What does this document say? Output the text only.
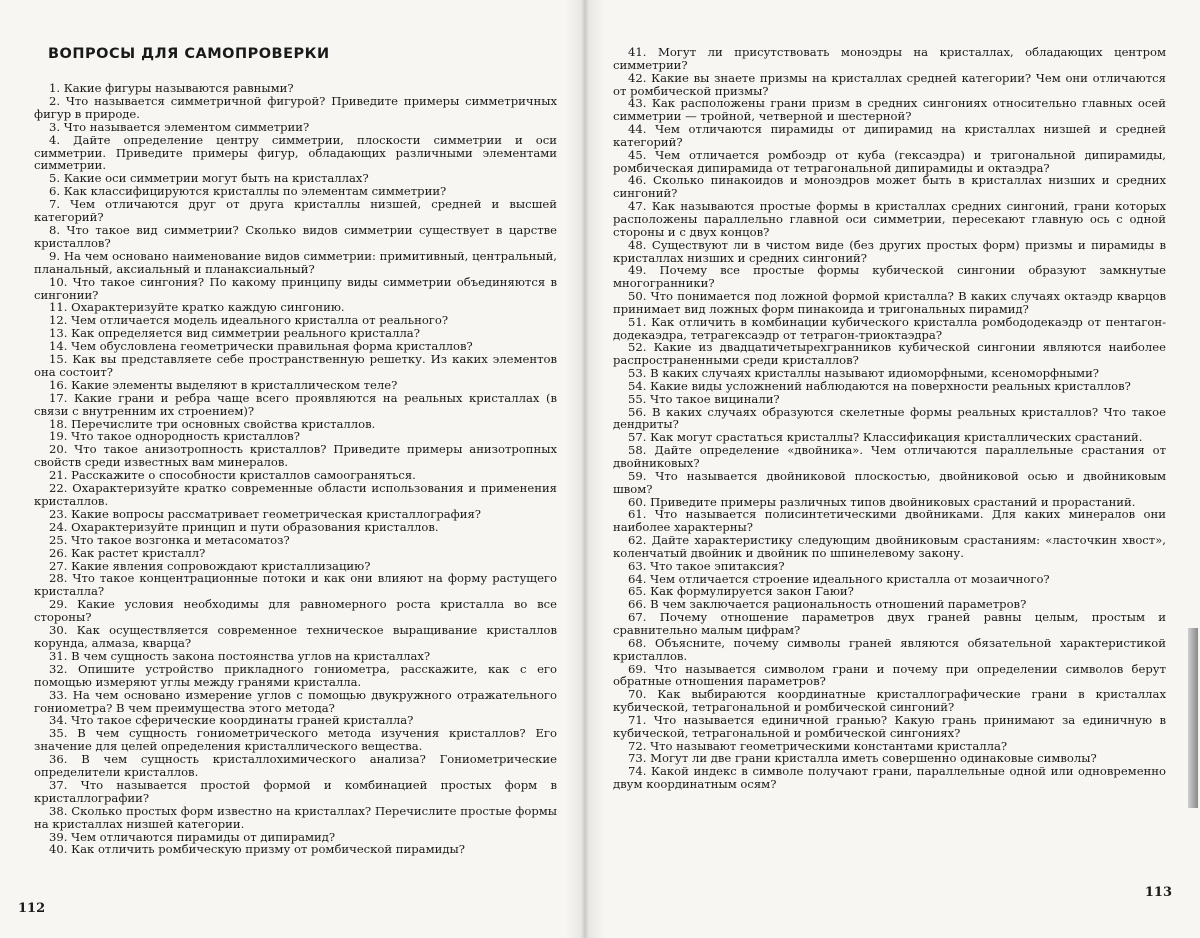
ВОПРОСЫ ДЛЯ САМОПРОВЕРКИ
1. Какие фигуры называются равными?
2. Что называется симметричной фигурой? Приведите примеры симметричных фигур в природе.
3. Что называется элементом симметрии?
4. Дайте определение центру симметрии, плоскости симметрии и оси симметрии. Приведите примеры фигур, обладающих различными элементами симметрии.
5. Какие оси симметрии могут быть на кристаллах?
6. Как классифицируются кристаллы по элементам симметрии?
7. Чем отличаются друг от друга кристаллы низшей, средней и высшей категорий?
8. Что такое вид симметрии? Сколько видов симметрии существует в царстве кристаллов?
9. На чем основано наименование видов симметрии: примитивный, центральный, планальный, аксиальный и планаксиальный?
10. Что такое сингония? По какому принципу виды симметрии объединяются в сингонии?
11. Охарактеризуйте кратко каждую сингонию.
12. Чем отличается модель идеального кристалла от реального?
13. Как определяется вид симметрии реального кристалла?
14. Чем обусловлена геометрически правильная форма кристаллов?
15. Как вы представляете себе пространственную решетку. Из каких элементов она состоит?
16. Какие элементы выделяют в кристаллическом теле?
17. Какие грани и ребра чаще всего проявляются на реальных кристаллах (в связи с внутренним их строением)?
18. Перечислите три основных свойства кристаллов.
19. Что такое однородность кристаллов?
20. Что такое анизотропность кристаллов? Приведите примеры анизотропных свойств среди известных вам минералов.
21. Расскажите о способности кристаллов самоограняться.
22. Охарактеризуйте кратко современные области использования и применения кристаллов.
23. Какие вопросы рассматривает геометрическая кристаллография?
24. Охарактеризуйте принцип и пути образования кристаллов.
25. Что такое возгонка и метасоматоз?
26. Как растет кристалл?
27. Какие явления сопровождают кристаллизацию?
28. Что такое концентрационные потоки и как они влияют на форму растущего кристалла?
29. Какие условия необходимы для равномерного роста кристалла во все стороны?
30. Как осуществляется современное техническое выращивание кристаллов корунда, алмаза, кварца?
31. В чем сущность закона постоянства углов на кристаллах?
32. Опишите устройство прикладного гониометра, расскажите, как с его помощью измеряют углы между гранями кристалла.
33. На чем основано измерение углов с помощью двукружного отражательного гониометра? В чем преимущества этого метода?
34. Что такое сферические координаты граней кристалла?
35. В чем сущность гониометрического метода изучения кристаллов? Его значение для целей определения кристаллического вещества.
36. В чем сущность кристаллохимического анализа? Гониометрические определители кристаллов.
37. Что называется простой формой и комбинацией простых форм в кристаллографии?
38. Сколько простых форм известно на кристаллах? Перечислите простые формы на кристаллах низшей категории.
39. Чем отличаются пирамиды от дипирамид?
40. Как отличить ромбическую призму от ромбической пирамиды?
112
41. Могут ли присутствовать моноэдры на кристаллах, обладающих центром симметрии?
42. Какие вы знаете призмы на кристаллах средней категории? Чем они отличаются от ромбической призмы?
43. Как расположены грани призм в средних сингониях относительно главных осей симметрии — тройной, четверной и шестерной?
44. Чем отличаются пирамиды от дипирамид на кристаллах низшей и средней категорий?
45. Чем отличается ромбоэдр от куба (гексаэдра) и тригональной дипирамиды, ромбическая дипирамида от тетрагональной дипирамиды и октаэдра?
46. Сколько пинакоидов и моноэдров может быть в кристаллах низших и средних сингоний?
47. Как называются простые формы в кристаллах средних сингоний, грани которых расположены параллельно главной оси симметрии, пересекают главную ось с одной стороны и с двух концов?
48. Существуют ли в чистом виде (без других простых форм) призмы и пирамиды в кристаллах низших и средних сингоний?
49. Почему все простые формы кубической сингонии образуют замкнутые многогранники?
50. Что понимается под ложной формой кристалла? В каких случаях октаэдр кварцов принимает вид ложных форм пинакоида и тригональных пирамид?
51. Как отличить в комбинации кубического кристалла ромбододекаэдр от пентагон-додекаэдра, тетрагексаэдр от тетрагон-триоктаэдра?
52. Какие из двадцатичетырехгранников кубической сингонии являются наиболее распространенными среди кристаллов?
53. В каких случаях кристаллы называют идиоморфными, ксеноморфными?
54. Какие виды усложнений наблюдаются на поверхности реальных кристаллов?
55. Что такое вицинали?
56. В каких случаях образуются скелетные формы реальных кристаллов? Что такое дендриты?
57. Как могут срастаться кристаллы? Классификация кристаллических срастаний.
58. Дайте определение «двойника». Чем отличаются параллельные срастания от двойниковых?
59. Что называется двойниковой плоскостью, двойниковой осью и двойниковым швом?
60. Приведите примеры различных типов двойниковых срастаний и прорастаний.
61. Что называется полисинтетическими двойниками. Для каких минералов они наиболее характерны?
62. Дайте характеристику следующим двойниковым срастаниям: «ласточкин хвост», коленчатый двойник и двойник по шпинелевому закону.
63. Что такое эпитаксия?
64. Чем отличается строение идеального кристалла от мозаичного?
65. Как формулируется закон Гаюи?
66. В чем заключается рациональность отношений параметров?
67. Почему отношение параметров двух граней равны целым, простым и сравнительно малым цифрам?
68. Объясните, почему символы граней являются обязательной характеристикой кристаллов.
69. Что называется символом грани и почему при определении символов берут обратные отношения параметров?
70. Как выбираются координатные кристаллографические грани в кристаллах кубической, тетрагональной и ромбической сингоний?
71. Что называется единичной гранью? Какую грань принимают за единичную в кубической, тетрагональной и ромбической сингониях?
72. Что называют геометрическими константами кристалла?
73. Могут ли две грани кристалла иметь совершенно одинаковые символы?
74. Какой индекс в символе получают грани, параллельные одной или одновременно двум координатным осям?
113
